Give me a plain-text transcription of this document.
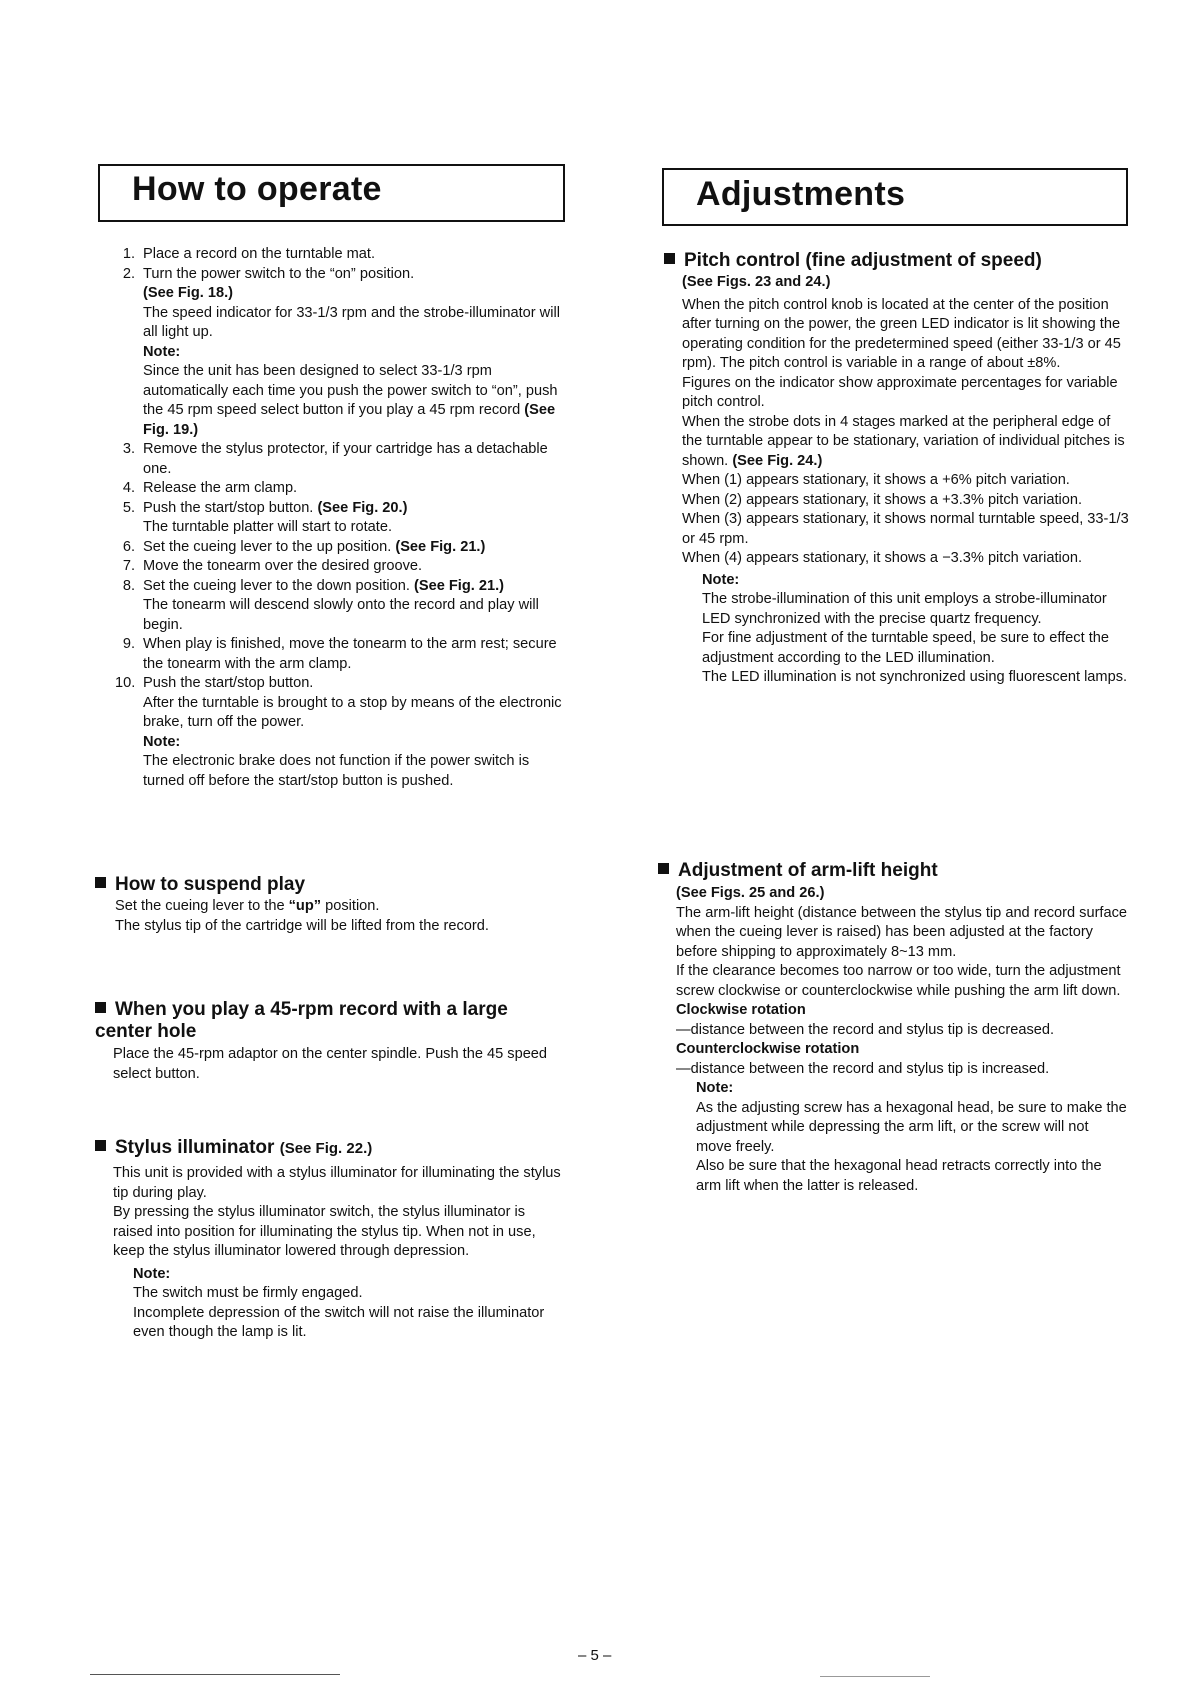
How to operate
1. Place a record on the turntable mat.
2. Turn the power switch to the “on” position.
(See Fig. 18.)
The speed indicator for 33-1/3 rpm and the strobe-illuminator will all light up.
Note:
Since the unit has been designed to select 33-1/3 rpm automatically each time you push the power switch to “on”, push the 45 rpm speed select button if you play a 45 rpm record (See Fig. 19.)
3. Remove the stylus protector, if your cartridge has a detachable one.
4. Release the arm clamp.
5. Push the start/stop button. (See Fig. 20.)
The turntable platter will start to rotate.
6. Set the cueing lever to the up position. (See Fig. 21.)
7. Move the tonearm over the desired groove.
8. Set the cueing lever to the down position. (See Fig. 21.)
The tonearm will descend slowly onto the record and play will begin.
9. When play is finished, move the tonearm to the arm rest; secure the tonearm with the arm clamp.
10. Push the start/stop button.
After the turntable is brought to a stop by means of the electronic brake, turn off the power.
Note:
The electronic brake does not function if the power switch is turned off before the start/stop button is pushed.
How to suspend play

Set the cueing lever to the “up” position.

The stylus tip of the cartridge will be lifted from the record.

When you play a 45-rpm record with a large center hole

Place the 45-rpm adaptor on the center spindle. Push the 45 speed select button.

Stylus illuminator (See Fig. 22.)

This unit is provided with a stylus illuminator for illuminating the stylus tip during play.

By pressing the stylus illuminator switch, the stylus illuminator is raised into position for illuminating the stylus tip. When not in use, keep the stylus illuminator lowered through depression.

Note:

The switch must be firmly engaged.

Incomplete depression of the switch will not raise the illuminator even though the lamp is lit.

Adjustments
Pitch control (fine adjustment of speed)

(See Figs. 23 and 24.)

When the pitch control knob is located at the center of the position after turning on the power, the green LED indicator is lit showing the operating condition for the predetermined speed (either 33-1/3 or 45 rpm). The pitch control is variable in a range of about ±8%.

Figures on the indicator show approximate percentages for variable pitch control.

When the strobe dots in 4 stages marked at the peripheral edge of the turntable appear to be stationary, variation of individual pitches is shown. (See Fig. 24.)

When (1) appears stationary, it shows a +6% pitch variation.

When (2) appears stationary, it shows a +3.3% pitch variation.

When (3) appears stationary, it shows normal turntable speed, 33-1/3 or 45 rpm.

When (4) appears stationary, it shows a −3.3% pitch variation.

Note:

The strobe-illumination of this unit employs a strobe-illuminator LED synchronized with the precise quartz frequency.

For fine adjustment of the turntable speed, be sure to effect the adjustment according to the LED illumination.

The LED illumination is not synchronized using fluorescent lamps.

Adjustment of arm-lift height

(See Figs. 25 and 26.)

The arm-lift height (distance between the stylus tip and record surface when the cueing lever is raised) has been adjusted at the factory before shipping to approximately 8~13 mm.

If the clearance becomes too narrow or too wide, turn the adjustment screw clockwise or counterclockwise while pushing the arm lift down.

Clockwise rotation

—distance between the record and stylus tip is decreased.

Counterclockwise rotation

—distance between the record and stylus tip is increased.

Note:

As the adjusting screw has a hexagonal head, be sure to make the adjustment while depressing the arm lift, or the screw will not move freely.

Also be sure that the hexagonal head retracts correctly into the arm lift when the latter is released.

– 5 –
